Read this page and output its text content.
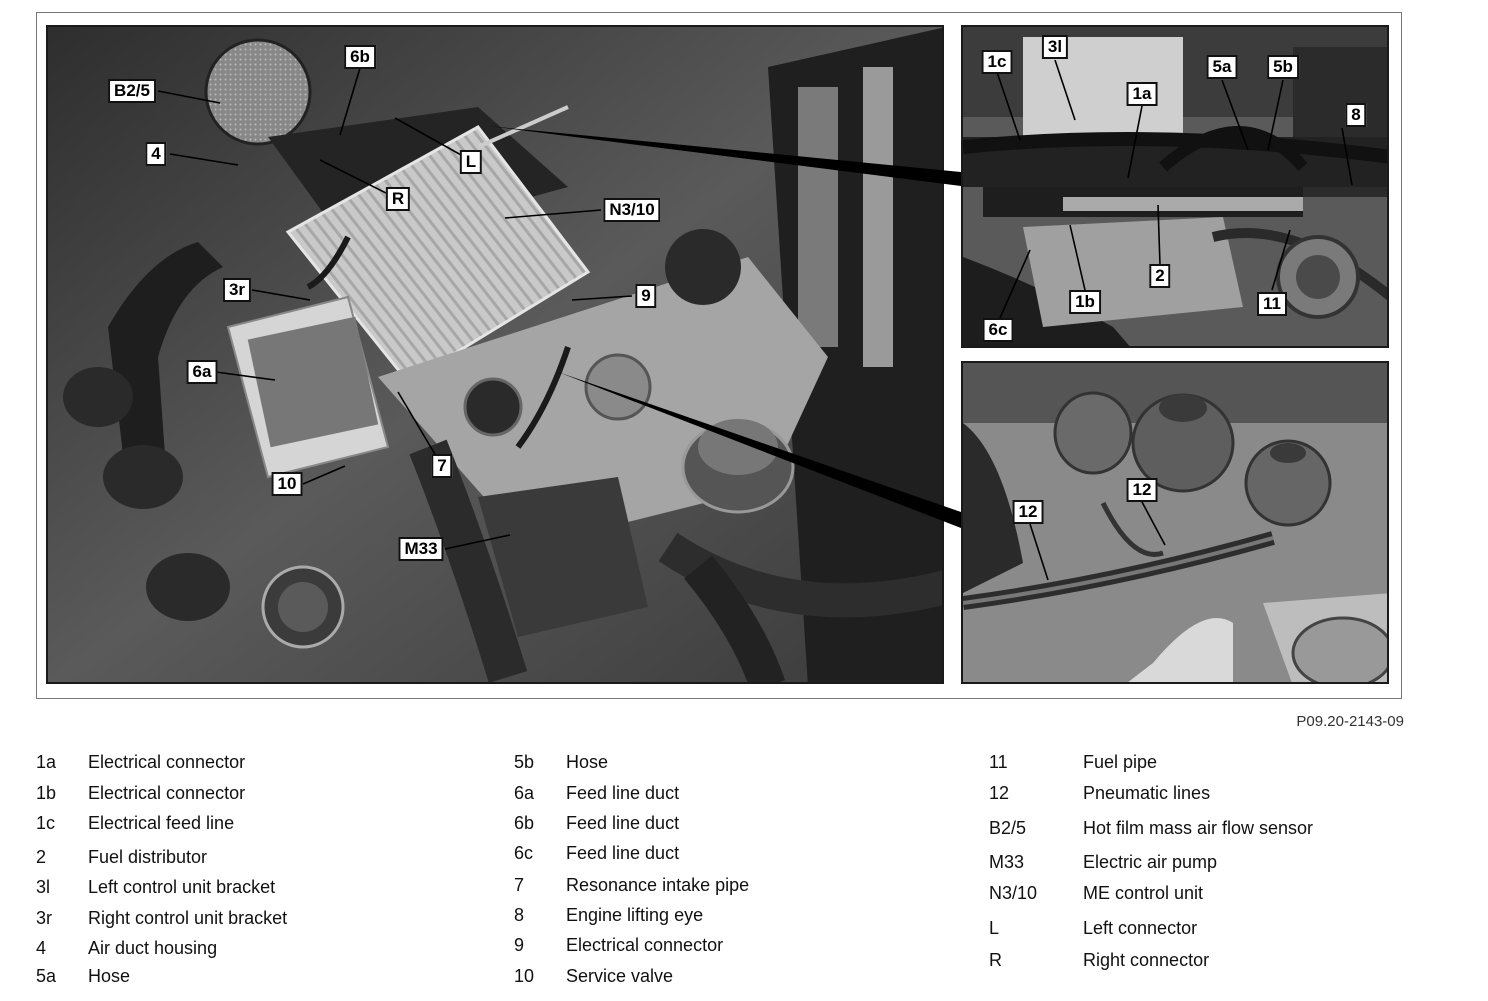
B2/5
6b
4	L
R
N3/10
3r	9
6a
7
10
M33
3l
1c	5a	5b
1a
8
2
1b	11
6c
12
12
P09.20-2143-09
1a Electrical connector
1b Electrical connector
1c Electrical feed line
2 Fuel distributor
3l Left control unit bracket
3r Right control unit bracket
4 Air duct housing
5a Hose
5b Hose
6a Feed line duct
6b Feed line duct
6c Feed line duct
7 Resonance intake pipe
8 Engine lifting eye
9 Electrical connector
10 Service valve
11	Fuel pipe
12	Pneumatic lines
B2/5	Hot film mass air flow sensor
M33	Electric air pump
N3/10	ME control unit
L	Left connector
R	Right connector
